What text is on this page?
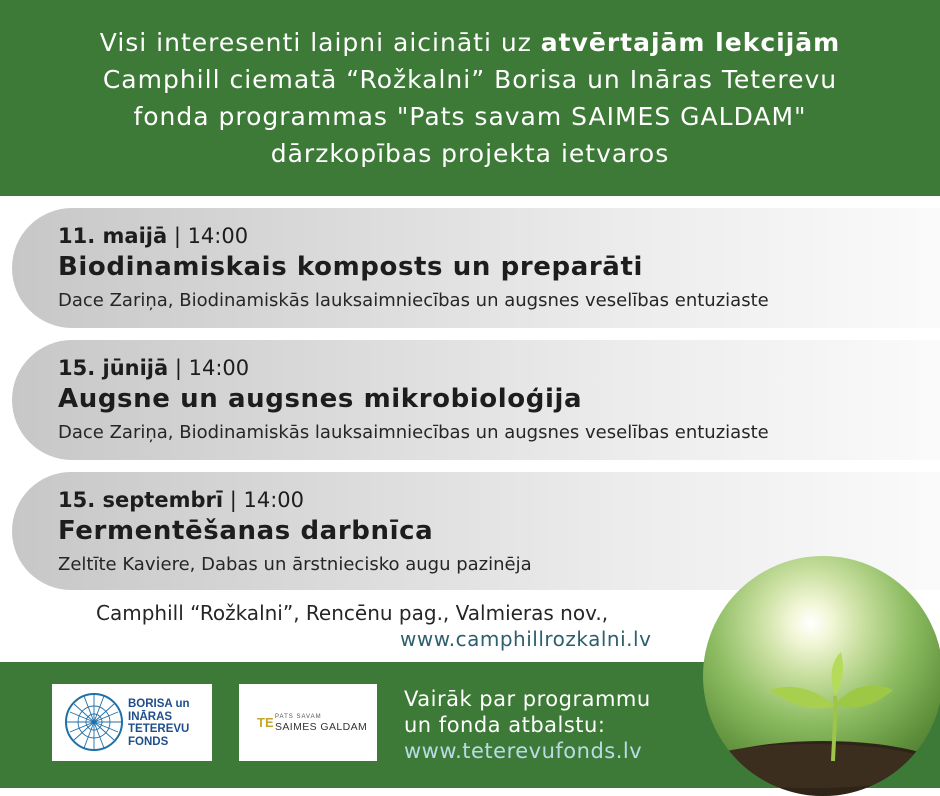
Visi interesenti laipni aicināti uz atvērtajām lekcijām
Camphill ciematā “Rožkalni” Borisa un Ināras Teterevu
fonda programmas "Pats savam SAIMES GALDAM"
dārzkopības projekta ietvaros
11. maijā | 14:00
Biodinamiskais komposts un preparāti
Dace Zariņa, Biodinamiskās lauksaimniecības un augsnes veselības entuziaste
15. jūnijā | 14:00
Augsne un augsnes mikrobioloģija
Dace Zariņa, Biodinamiskās lauksaimniecības un augsnes veselības entuziaste
15. septembrī | 14:00
Fermentēšanas darbnīca
Zeltīte Kaviere, Dabas un ārstniecisko augu pazinēja
Camphill “Rožkalni”, Rencēnu pag., Valmieras nov.,
www.camphillrozkalni.lv
BORISA un
INĀRAS
TETEREVU
FONDS
TE PATS SAVAM
SAIMES GALDAM
Vairāk par programmu
un fonda atbalstu:
www.teterevufonds.lv
